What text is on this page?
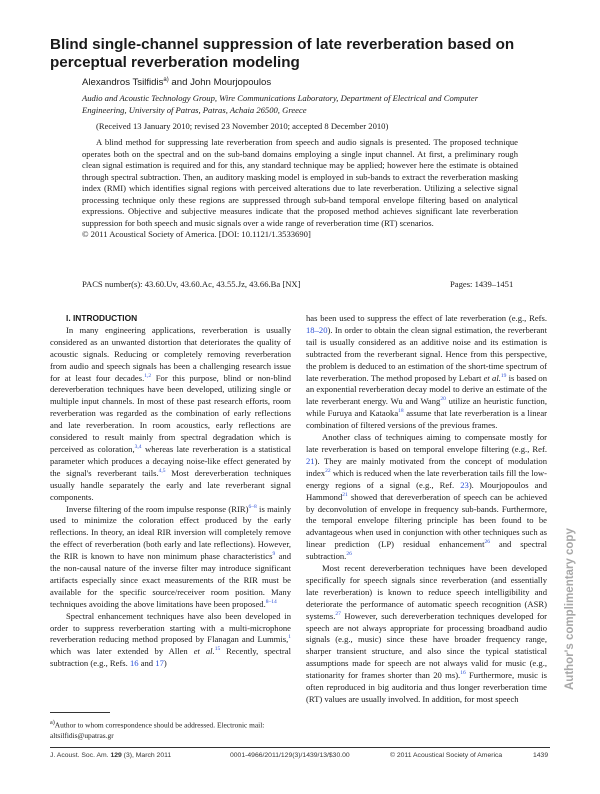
Blind single-channel suppression of late reverberation based on perceptual reverberation modeling
Alexandros Tsilfidis$^{a)}$ and John Mourjopoulos
Audio and Acoustic Technology Group, Wire Communications Laboratory, Department of Electrical and Computer Engineering, University of Patras, Patras, Achaia 26500, Greece
(Received 13 January 2010; revised 23 November 2010; accepted 8 December 2010)
A blind method for suppressing late reverberation from speech and audio signals is presented. The proposed technique operates both on the spectral and on the sub-band domains employing a single input channel. At first, a preliminary rough clean signal estimation is required and for this, any standard technique may be applied; however here the estimate is obtained through spectral subtraction. Then, an auditory masking model is employed in sub-bands to extract the reverberation masking index (RMI) which identifies signal regions with perceived alterations due to late reverberation. Utilizing a selective signal processing technique only these regions are suppressed through sub-band temporal envelope filtering based on analytical expressions. Objective and subjective measures indicate that the proposed method achieves significant late reverberation suppression for both speech and music signals over a wide range of reverberation time (RT) scenarios.
© 2011 Acoustical Society of America. [DOI: 10.1121/1.3533690]
PACS number(s): 43.60.Uv, 43.60.Ac, 43.55.Jz, 43.66.Ba [NX]	Pages: 1439–1451

I. INTRODUCTION

In many engineering applications, reverberation is usually considered as an unwanted distortion that deteriorates the quality of acoustic signals. Reducing or completely removing reverberation from audio and speech signals has been a challenging research issue for at least four decades.$^{1,2}$ For this purpose, blind or non-blind dereverberation techniques have been developed, utilizing single or multiple input channels. In most of these past research efforts, room reverberation was regarded as the combination of early reflections and late reverberation. In room acoustics, early reflections are considered to result mainly from spectral degradation which is perceived as coloration,$^{3,4}$ whereas late reverberation is a statistical parameter which produces a decaying noise-like effect generated by the signal's reverberant tails.$^{4,5}$ Most dereverberation techniques usually handle separately the early and late reverberant signal components.

Inverse filtering of the room impulse response (RIR)$^{6-8}$ is mainly used to minimize the coloration effect produced by the early reflections. In theory, an ideal RIR inversion will completely remove the effect of reverberation (both early and late reflections). However, the RIR is known to have non minimum phase characteristics$^9$ and the non-causal nature of the inverse filter may introduce significant artifacts especially since exact measurements of the RIR must be available for the specific source/receiver room position. Many techniques avoiding the above limitations have been proposed.$^{8-14}$

Spectral enhancement techniques have also been developed in order to suppress reverberation starting with a multi-microphone reverberation reducing method proposed by Flanagan and Lummis,$^1$ which was later extended by Allen et al.$^{15}$ Recently, spectral subtraction (e.g., Refs. 16 and 17)

has been used to suppress the effect of late reverberation (e.g., Refs. 18–20). In order to obtain the clean signal estimation, the reverberant tail is usually considered as an additive noise and its estimation is subtracted from the reverberant signal. Hence from this perspective, the problem is deduced to an estimation of the short-time spectrum of late reverberation. The method proposed by Lebart et al.$^{19}$ is based on an exponential reverberation decay model to derive an estimate of the late reverberant energy. Wu and Wang$^{20}$ utilize an heuristic function, while Furuya and Kataoka$^{18}$ assume that late reverberation is a linear combination of filtered versions of the previous frames.

Another class of techniques aiming to compensate mostly for late reverberation is based on temporal envelope filtering (e.g., Ref. 21). They are mainly motivated from the concept of modulation index$^{22}$ which is reduced when the late reverberation tails fill the low-energy regions of a signal (e.g., Ref. 23). Mourjopoulos and Hammond$^{21}$ showed that dereverberation of speech can be achieved by deconvolution of envelope in frequency sub-bands. Furthermore, the temporal envelope filtering principle has been found to be advantageous when used in conjunction with other techniques such as linear prediction (LP) residual enhancement$^{26}$ and spectral subtraction.$^{26}$

Most recent dereverberation techniques have been developed specifically for speech signals since reverberation (and essentially late reverberation) is known to reduce speech intelligibility and deteriorate the performance of automatic speech recognition (ASR) systems.$^{27}$ However, such dereverberation techniques developed for speech are not always appropriate for processing broadband audio signals (e.g., music) since these have broader frequency range, sharper transient structure, and also since the typical statistical assumptions made for speech are not always valid for music (e.g., stationarity for frames shorter than 20 ms).$^{16}$ Furthermore, music is often reproduced in big auditoria and thus longer reverberation time (RT) values are usually involved. In addition, for most speech

$^{a)}$Author to whom correspondence should be addressed. Electronic mail: altsilfidis@upatras.gr
J. Acoust. Soc. Am. 129 (3), March 2011	0001-4966/2011/129(3)/1439/13/$30.00	© 2011 Acoustical Society of America	1439
Author's complimentary copy
